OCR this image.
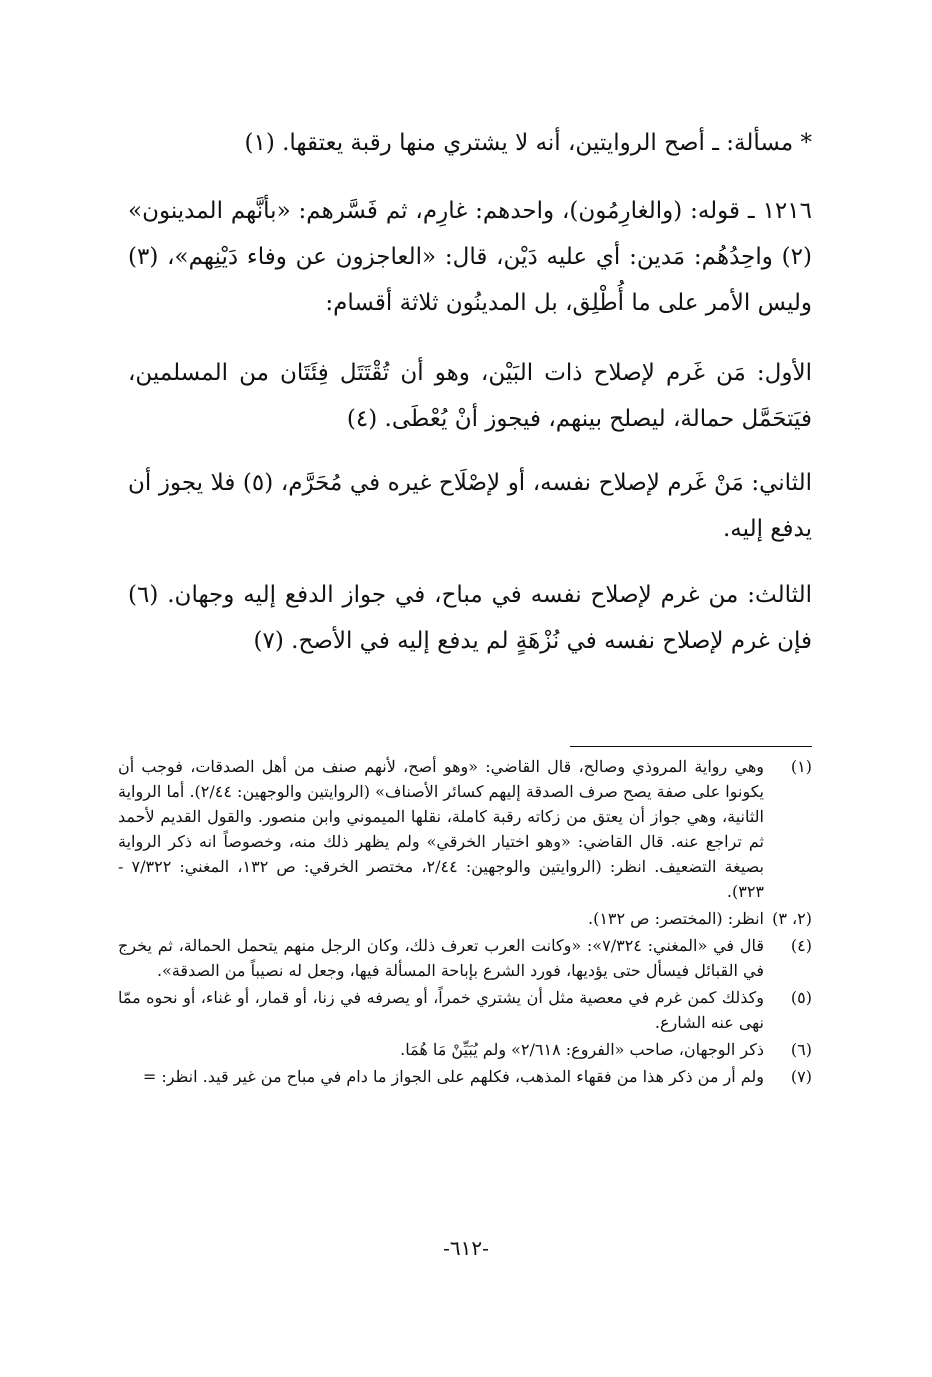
* مسألة: ـ أصح الروايتين، أنه لا يشتري منها رقبة يعتقها. (١)

١٢١٦ ـ قوله: (والغارِمُون)، واحدهم: غارِم، ثم فَسَّرهم: «بأنَّهم المدينون» (٢) واحِدُهُم: مَدين: أي عليه دَيْن، قال: «العاجزون عن وفاء دَيْنِهم»، (٣) وليس الأمر على ما أُطْلِق، بل المدينُون ثلاثة أقسام:

الأول: مَن غَرم لإصلاح ذات البَيْن، وهو أن تُقْتَتَل فِئَتَان من المسلمين، فيَتحَمَّل حمالة، ليصلح بينهم، فيجوز أنْ يُعْطَى. (٤)

الثاني: مَنْ غَرم لإصلاح نفسه، أو لإصْلَاح غيره في مُحَرَّم، (٥) فلا يجوز أن يدفع إليه.

الثالث: من غرم لإصلاح نفسه في مباح، في جواز الدفع إليه وجهان. (٦) فإن غرم لإصلاح نفسه في نُزْهَةٍ لم يدفع إليه في الأصح. (٧)

(١)
وهي رواية المروذي وصالح، قال القاضي: «وهو أصح، لأنهم صنف من أهل الصدقات، فوجب أن يكونوا على صفة يصح صرف الصدقة إليهم كسائر الأصناف» (الروايتين والوجهين: ٢/٤٤). أما الرواية الثانية، وهي جواز أن يعتق من زكاته رقبة كاملة، نقلها الميموني وابن منصور. والقول القديم لأحمد ثم تراجع عنه. قال القاضي: «وهو اختيار الخرقي» ولم يظهر ذلك منه، وخصوصاً انه ذكر الرواية بصيغة التضعيف. انظر: (الروايتين والوجهين: ٢/٤٤، مختصر الخرقي: ص ١٣٢، المغني: ٧/٣٢٢ - ٣٢٣).
(٢، ٣)
انظر: (المختصر: ص ١٣٢).
(٤)
قال في «المغني: ٧/٣٢٤»: «وكانت العرب تعرف ذلك، وكان الرجل منهم يتحمل الحمالة، ثم يخرج في القبائل فيسأل حتى يؤديها، فورد الشرع بإباحة المسألة فيها، وجعل له نصيباً من الصدقة».
(٥)
وكذلك كمن غرم في معصية مثل أن يشتري خمراً، أو يصرفه في زنا، أو قمار، أو غناء، أو نحوه ممّا نهى عنه الشارع.
(٦)
ذكر الوجهان، صاحب «الفروع: ٢/٦١٨» ولم يُبَيِّنْ مَا هُمَا.
(٧)
ولم أر من ذكر هذا من فقهاء المذهب، فكلهم على الجواز ما دام في مباح من غير قيد. انظر: =
-٦١٢-
